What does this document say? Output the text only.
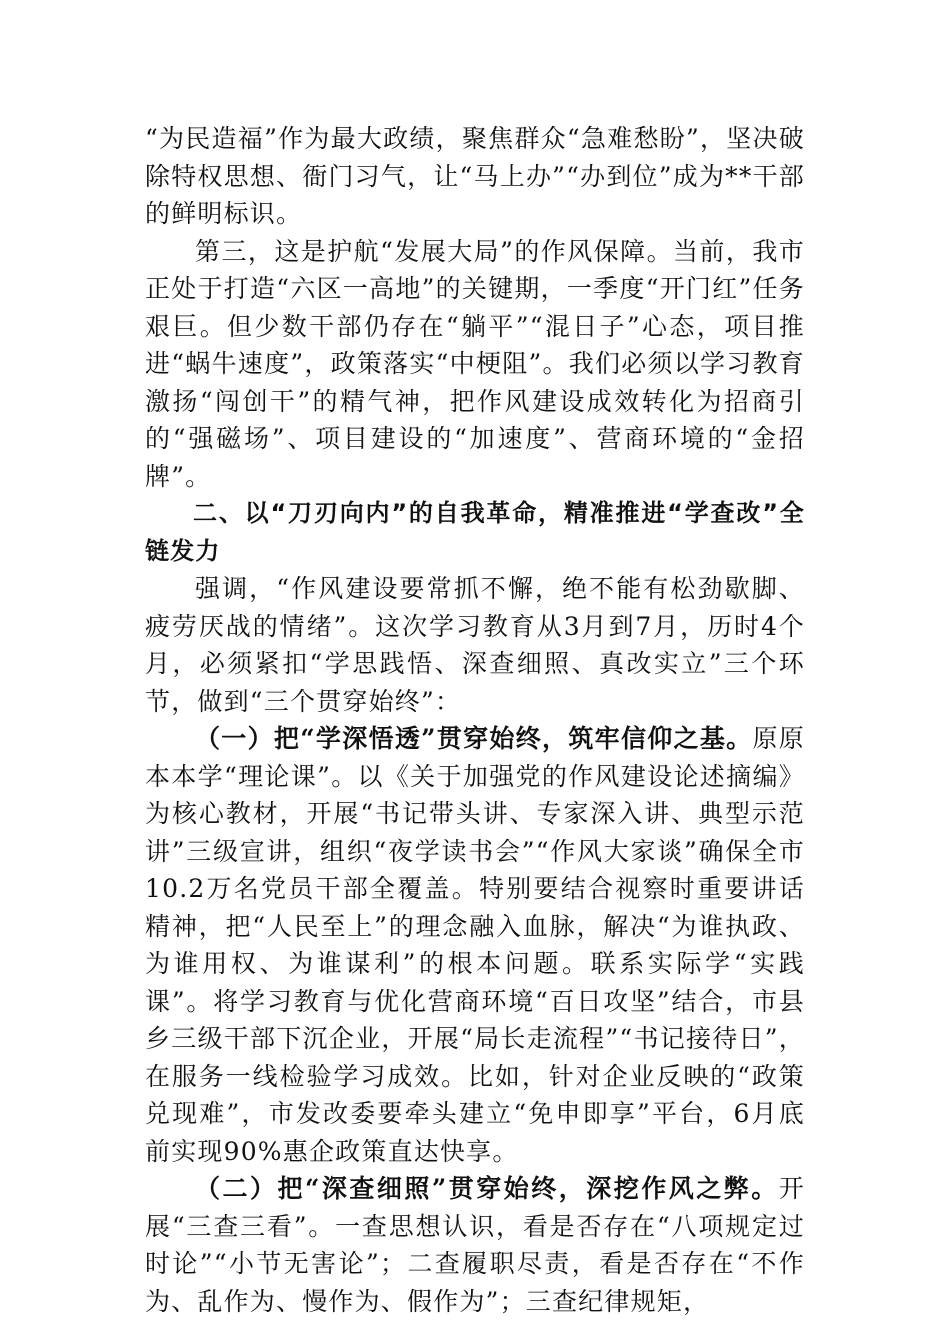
“为民造福”作为最大政绩，聚焦群众“急难愁盼”，坚决破除特权思想、衙门习气，让“马上办”“办到位”成为**干部的鲜明标识。

第三，这是护航“发展大局”的作风保障。当前，我市正处于打造“六区一高地”的关键期，一季度“开门红”任务艰巨。但少数干部仍存在“躺平”“混日子”心态，项目推进“蜗牛速度”，政策落实“中梗阻”。我们必须以学习教育激扬“闯创干”的精气神，把作风建设成效转化为招商引的“强磁场”、项目建设的“加速度”、营商环境的“金招牌”。

二、以“刀刃向内”的自我革命，精准推进“学查改”全链发力

强调，“作风建设要常抓不懈，绝不能有松劲歇脚、疲劳厌战的情绪”。这次学习教育从3月到7月，历时4个月，必须紧扣“学思践悟、深查细照、真改实立”三个环节，做到“三个贯穿始终”：

（一）把“学深悟透”贯穿始终，筑牢信仰之基。原原本本学“理论课”。以《关于加强党的作风建设论述摘编》为核心教材，开展“书记带头讲、专家深入讲、典型示范讲”三级宣讲，组织“夜学读书会”“作风大家谈”确保全市10.2万名党员干部全覆盖。特别要结合视察时重要讲话精神，把“人民至上”的理念融入血脉，解决“为谁执政、为谁用权、为谁谋利”的根本问题。联系实际学“实践课”。将学习教育与优化营商环境“百日攻坚”结合，市县乡三级干部下沉企业，开展“局长走流程”“书记接待日”，在服务一线检验学习成效。比如，针对企业反映的“政策兑现难”，市发改委要牵头建立“免申即享”平台，6月底前实现90%惠企政策直达快享。

（二）把“深查细照”贯穿始终，深挖作风之弊。开展“三查三看”。一查思想认识，看是否存在“八项规定过时论”“小节无害论”；二查履职尽责，看是否存在“不作为、乱作为、慢作为、假作为”；三查纪律规矩，
